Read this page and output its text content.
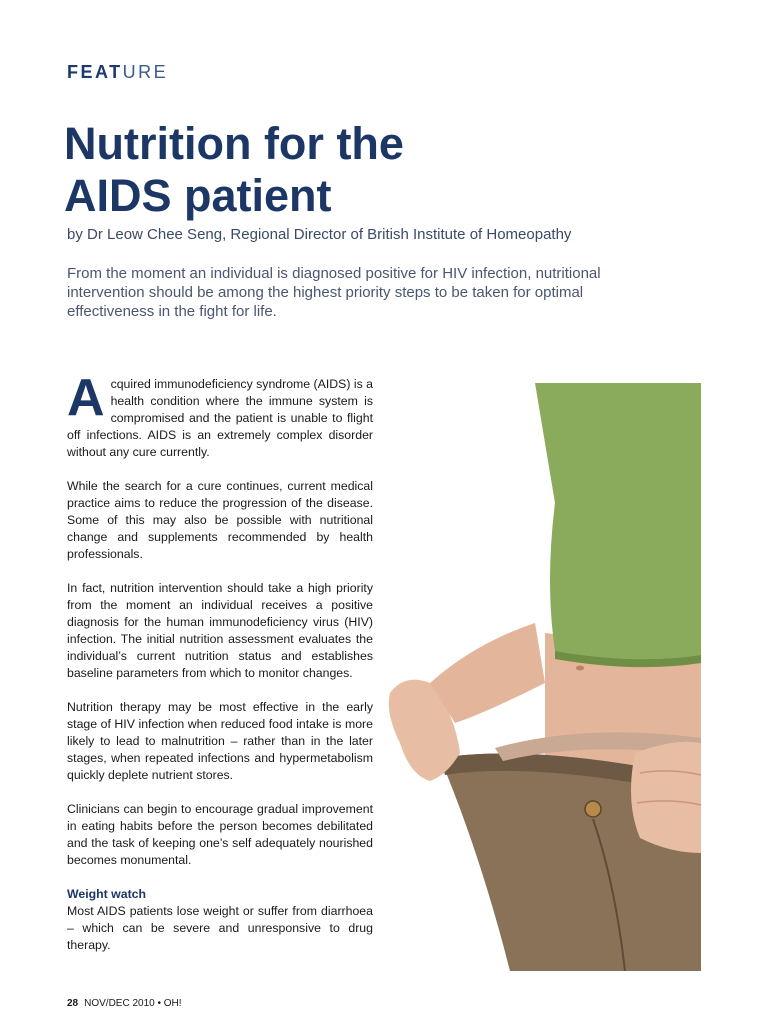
FEATURE
Nutrition for the
AIDS patient
by Dr Leow Chee Seng, Regional Director of British Institute of Homeopathy
From the moment an individual is diagnosed positive for HIV infection, nutritional intervention should be among the highest priority steps to be taken for optimal effectiveness in the fight for life.

Acquired immunodeficiency syndrome (AIDS) is a health condition where the immune system is compromised and the patient is unable to flight off infections. AIDS is an extremely complex disorder without any cure currently.

While the search for a cure continues, current medical practice aims to reduce the progression of the disease. Some of this may also be possible with nutritional change and supplements recommended by health professionals.

In fact, nutrition intervention should take a high priority from the moment an individual receives a positive diagnosis for the human immunodeficiency virus (HIV) infection. The initial nutrition assessment evaluates the individual’s current nutrition status and establishes baseline parameters from which to monitor changes.

Nutrition therapy may be most effective in the early stage of HIV infection when reduced food intake is more likely to lead to malnutrition – rather than in the later stages, when repeated infections and hypermetabolism quickly deplete nutrient stores.

Clinicians can begin to encourage gradual improvement in eating habits before the person becomes debilitated and the task of keeping one’s self adequately nourished becomes monumental.

Weight watch
Most AIDS patients lose weight or suffer from diarrhoea – which can be severe and unresponsive to drug therapy.

28 NOV/DEC 2010 • OH!
